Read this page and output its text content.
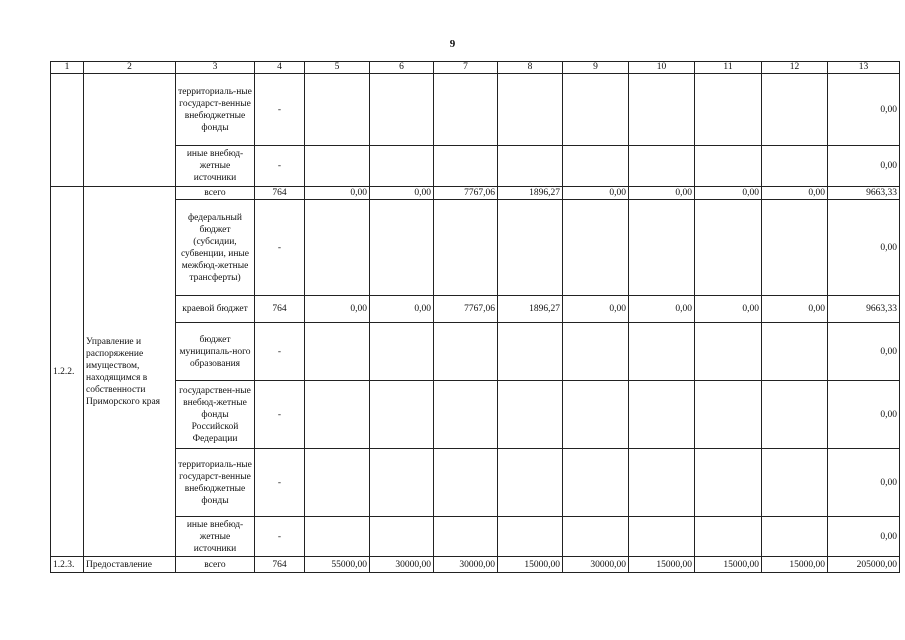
9
1	2	3	4	5	6	7	8	9	10	11	12	13
		территориаль-ные государст-венные внебюджетные фонды	-									0,00
		иные внебюд-жетные источники	-									0,00
1.2.2.	Управление и распоряжение имуществом, находящимся в собственности Приморского края	всего	764	0,00	0,00	7767,06	1896,27	0,00	0,00	0,00	0,00	9663,33
		федеральный бюджет (субсидии, субвенции, иные межбюд-жетные трансферты)	-									0,00
		краевой бюджет	764	0,00	0,00	7767,06	1896,27	0,00	0,00	0,00	0,00	9663,33
		бюджет муниципаль-ного образования	-									0,00
		государствен-ные внебюд-жетные фонды Российской Федерации	-									0,00
		территориаль-ные государст-венные внебюджетные фонды	-									0,00
		иные внебюд-жетные источники	-									0,00
1.2.3.	Предоставление	всего	764	55000,00	30000,00	30000,00	15000,00	30000,00	15000,00	15000,00	15000,00	205000,00
